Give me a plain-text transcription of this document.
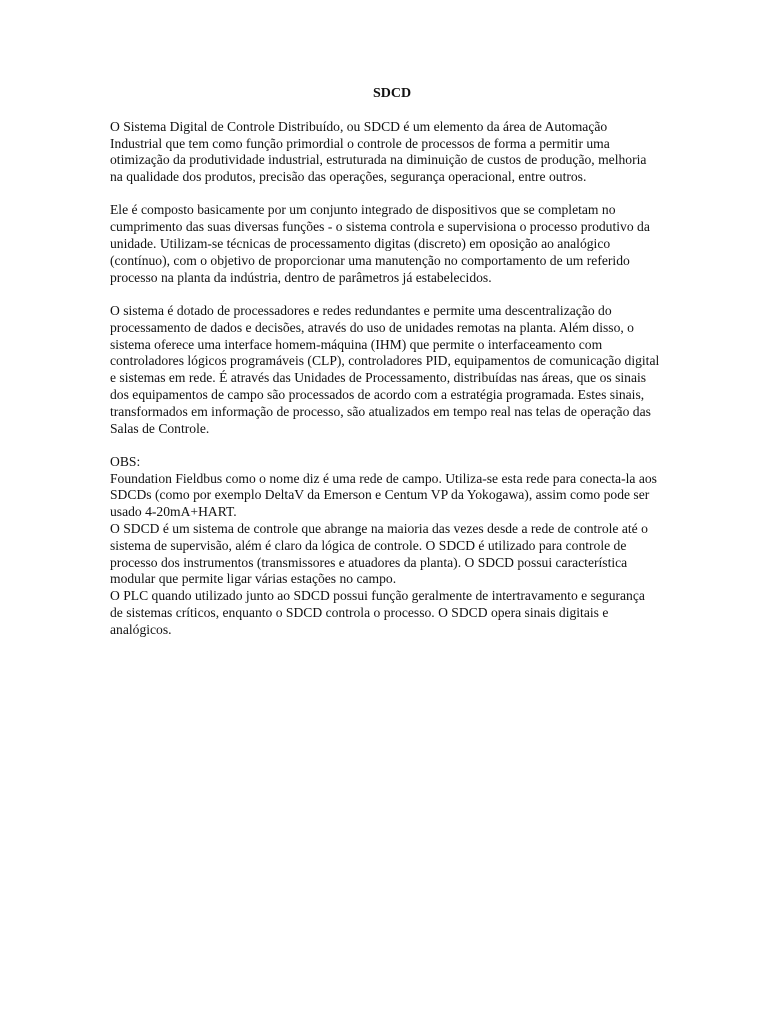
SDCD

O Sistema Digital de Controle Distribuído, ou SDCD é um elemento da área de Automação Industrial que tem como função primordial o controle de processos de forma a permitir uma otimização da produtividade industrial, estruturada na diminuição de custos de produção, melhoria na qualidade dos produtos, precisão das operações, segurança operacional, entre outros.

Ele é composto basicamente por um conjunto integrado de dispositivos que se completam no cumprimento das suas diversas funções - o sistema controla e supervisiona o processo produtivo da unidade. Utilizam-se técnicas de processamento digitas (discreto) em oposição ao analógico (contínuo), com o objetivo de proporcionar uma manutenção no comportamento de um referido processo na planta da indústria, dentro de parâmetros já estabelecidos.

O sistema é dotado de processadores e redes redundantes e permite uma descentralização do processamento de dados e decisões, através do uso de unidades remotas na planta. Além disso, o sistema oferece uma interface homem-máquina (IHM) que permite o interfaceamento com controladores lógicos programáveis (CLP), controladores PID, equipamentos de comunicação digital e sistemas em rede. É através das Unidades de Processamento, distribuídas nas áreas, que os sinais dos equipamentos de campo são processados de acordo com a estratégia programada. Estes sinais, transformados em informação de processo, são atualizados em tempo real nas telas de operação das Salas de Controle.

OBS:

Foundation Fieldbus como o nome diz é uma rede de campo. Utiliza-se esta rede para conecta-la aos SDCDs (como por exemplo DeltaV da Emerson e Centum VP da Yokogawa), assim como pode ser usado 4-20mA+HART.

O SDCD é um sistema de controle que abrange na maioria das vezes desde a rede de controle até o sistema de supervisão, além é claro da lógica de controle. O SDCD é utilizado para controle de processo dos instrumentos (transmissores e atuadores da planta). O SDCD possui característica modular que permite ligar várias estações no campo.

O PLC quando utilizado junto ao SDCD possui função geralmente de intertravamento e segurança de sistemas críticos, enquanto o SDCD controla o processo. O SDCD opera sinais digitais e analógicos.
